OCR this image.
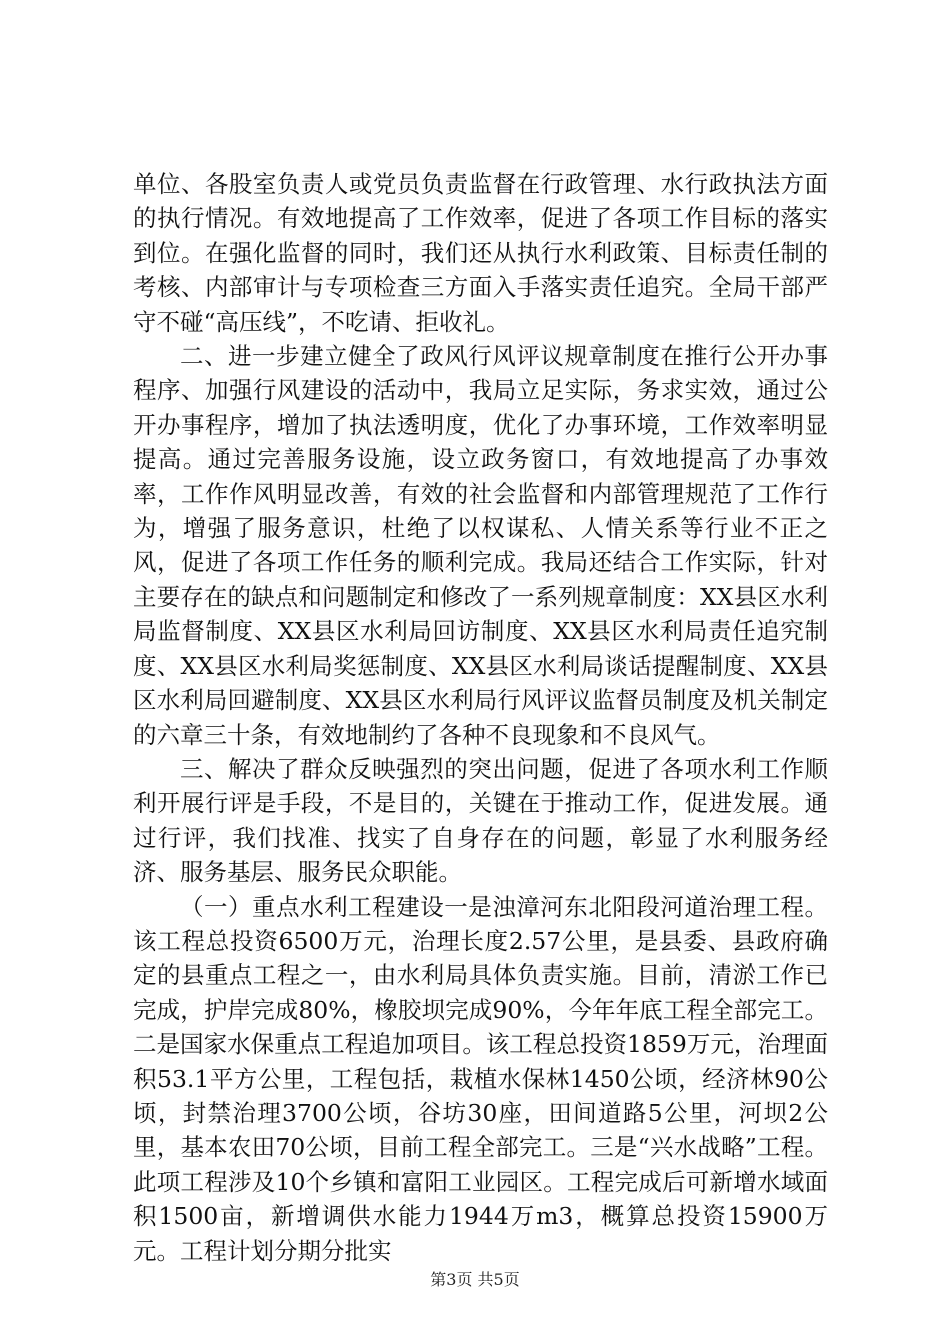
单位、各股室负责人或党员负责监督在行政管理、水行政执法方面的执行情况。有效地提高了工作效率，促进了各项工作目标的落实到位。在强化监督的同时，我们还从执行水利政策、目标责任制的考核、内部审计与专项检查三方面入手落实责任追究。全局干部严守不碰“高压线”，不吃请、拒收礼。

二、进一步建立健全了政风行风评议规章制度在推行公开办事程序、加强行风建设的活动中，我局立足实际，务求实效，通过公开办事程序，增加了执法透明度，优化了办事环境，工作效率明显提高。通过完善服务设施，设立政务窗口，有效地提高了办事效率，工作作风明显改善，有效的社会监督和内部管理规范了工作行为，增强了服务意识，杜绝了以权谋私、人情关系等行业不正之风，促进了各项工作任务的顺利完成。我局还结合工作实际，针对主要存在的缺点和问题制定和修改了一系列规章制度：XX县区水利局监督制度、XX县区水利局回访制度、XX县区水利局责任追究制度、XX县区水利局奖惩制度、XX县区水利局谈话提醒制度、XX县区水利局回避制度、XX县区水利局行风评议监督员制度及机关制定的六章三十条，有效地制约了各种不良现象和不良风气。

三、解决了群众反映强烈的突出问题，促进了各项水利工作顺利开展行评是手段，不是目的，关键在于推动工作，促进发展。通过行评，我们找准、找实了自身存在的问题，彰显了水利服务经济、服务基层、服务民众职能。

（一）重点水利工程建设一是浊漳河东北阳段河道治理工程。该工程总投资6500万元，治理长度2.57公里，是县委、县政府确定的县重点工程之一，由水利局具体负责实施。目前，清淤工作已完成，护岸完成80%，橡胶坝完成90%，今年年底工程全部完工。二是国家水保重点工程追加项目。该工程总投资1859万元，治理面积53.1平方公里，工程包括，栽植水保林1450公顷，经济林90公顷，封禁治理3700公顷，谷坊30座，田间道路5公里，河坝2公里，基本农田70公顷，目前工程全部完工。三是“兴水战略”工程。此项工程涉及10个乡镇和富阳工业园区。工程完成后可新增水域面积1500亩，新增调供水能力1944万m3，概算总投资15900万元。工程计划分期分批实

第3页 共5页
